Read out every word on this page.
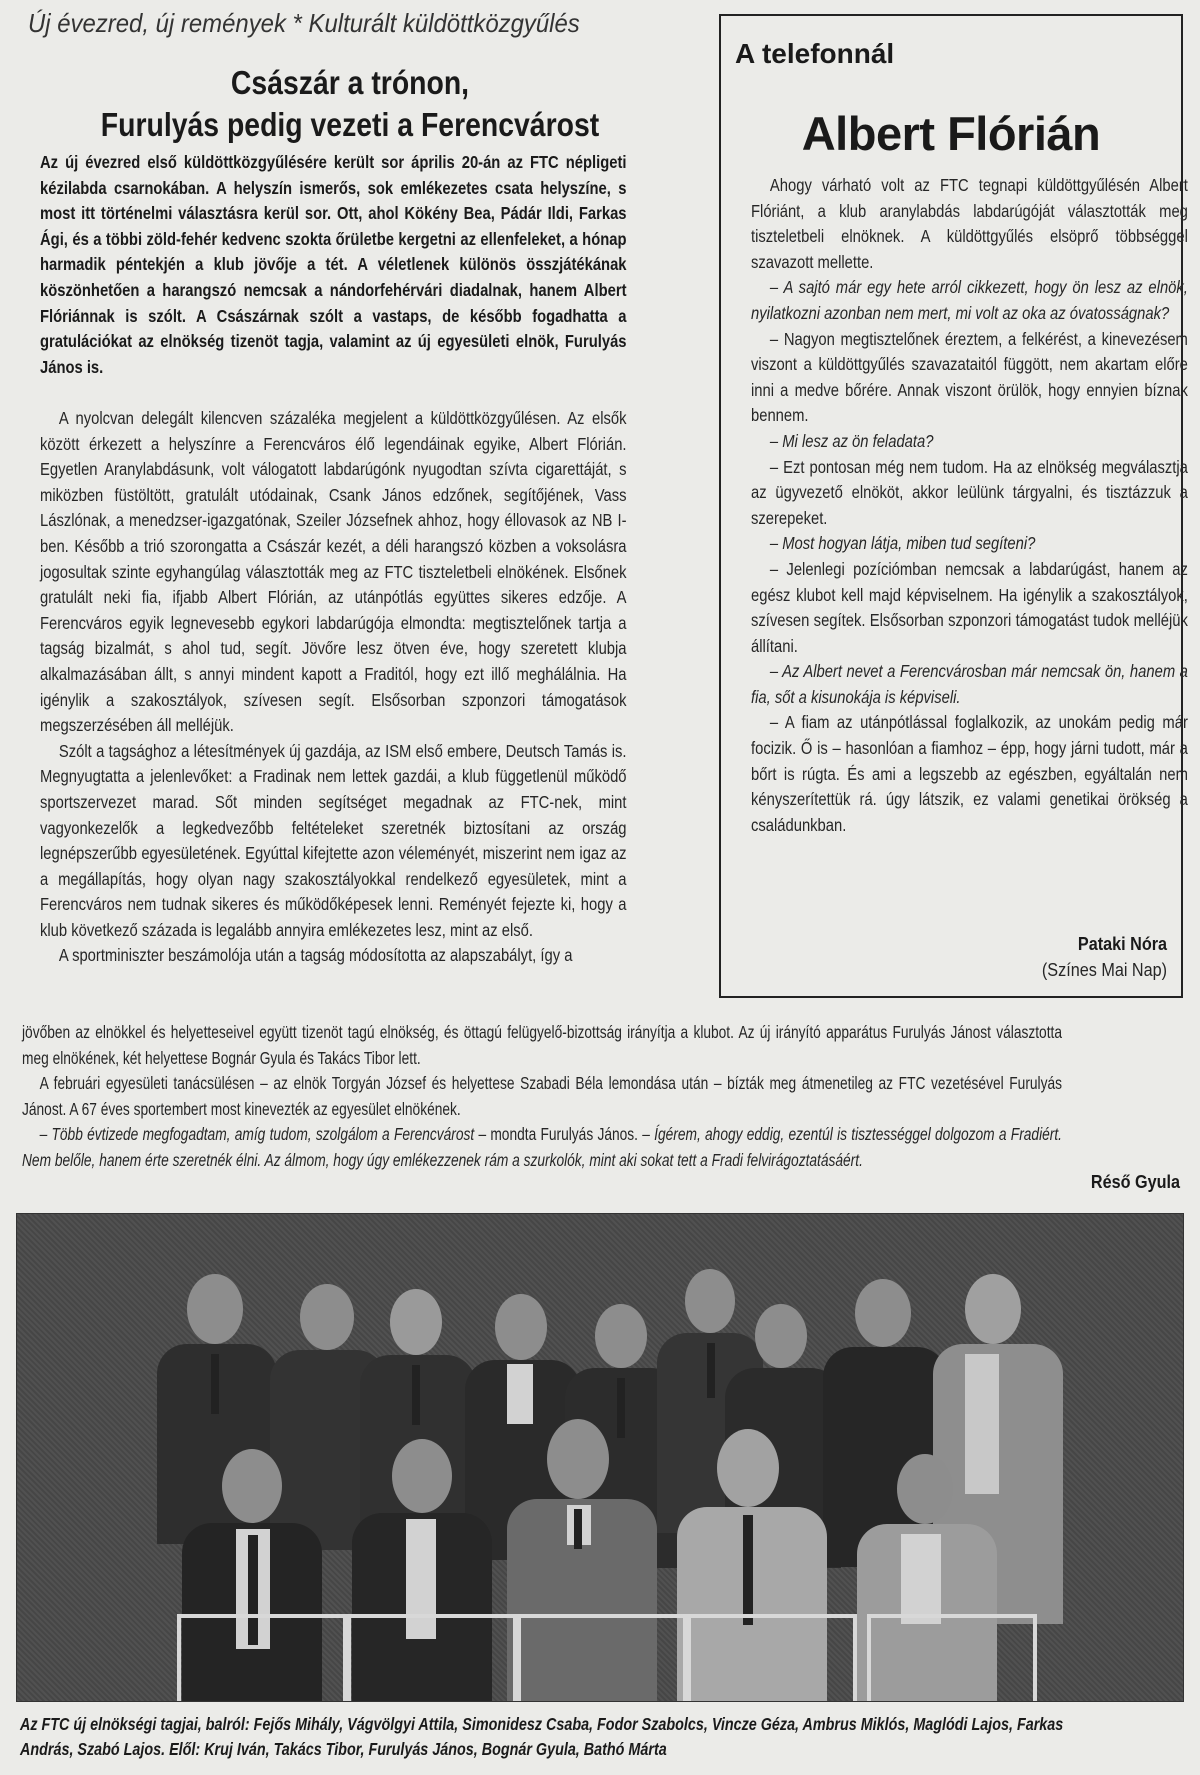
Új évezred, új remények * Kulturált küldöttközgyűlés
Császár a trónon,
Furulyás pedig vezeti a Ferencvárost

Az új évezred első küldöttközgyűlésére került sor április 20-án az FTC népligeti kézilabda csarnokában. A helyszín ismerős, sok emlékezetes csata helyszíne, s most itt történelmi választásra kerül sor. Ott, ahol Kökény Bea, Pádár Ildi, Farkas Ági, és a többi zöld-fehér kedvenc szokta őrületbe kergetni az ellenfeleket, a hónap harmadik péntekjén a klub jövője a tét. A véletlenek különös összjátékának köszönhetően a harangszó nemcsak a nándorfehérvári diadalnak, hanem Albert Flóriánnak is szólt. A Császárnak szólt a vastaps, de később fogadhatta a gratulációkat az elnökség tizenöt tagja, valamint az új egyesületi elnök, Furulyás János is.

A nyolcvan delegált kilencven százaléka megjelent a küldöttközgyűlésen. Az elsők között érkezett a helyszínre a Ferencváros élő legendáinak egyike, Albert Flórián. Egyetlen Aranylabdásunk, volt válogatott labdarúgónk nyugodtan szívta cigarettáját, s miközben füstöltött, gratulált utódainak, Csank János edzőnek, segítőjének, Vass Lászlónak, a menedzser-igazgatónak, Szeiler Józsefnek ahhoz, hogy éllovasok az NB I-ben. Később a trió szorongatta a Császár kezét, a déli harangszó közben a voksolásra jogosultak szinte egyhangúlag választották meg az FTC tiszteletbeli elnökének. Elsőnek gratulált neki fia, ifjabb Albert Flórián, az utánpótlás együttes sikeres edzője. A Ferencváros egyik legnevesebb egykori labdarúgója elmondta: megtisztelőnek tartja a tagság bizalmát, s ahol tud, segít. Jövőre lesz ötven éve, hogy szeretett klubja alkalmazásában állt, s annyi mindent kapott a Fraditól, hogy ezt illő meghálálnia. Ha igénylik a szakosztályok, szívesen segít. Elsősorban szponzori támogatások megszerzésében áll melléjük.

Szólt a tagsághoz a létesítmények új gazdája, az ISM első embere, Deutsch Tamás is. Megnyugtatta a jelenlevőket: a Fradinak nem lettek gazdái, a klub függetlenül működő sportszervezet marad. Sőt minden segítséget megadnak az FTC-nek, mint vagyonkezelők a legkedvezőbb feltételeket szeretnék biztosítani az ország legnépszerűbb egyesületének. Egyúttal kifejtette azon véleményét, miszerint nem igaz az a megállapítás, hogy olyan nagy szakosztályokkal rendelkező egyesületek, mint a Ferencváros nem tudnak sikeres és működőképesek lenni. Reményét fejezte ki, hogy a klub következő százada is legalább annyira emlékezetes lesz, mint az első.

A sportminiszter beszámolója után a tagság módosította az alapszabályt, így a

jövőben az elnökkel és helyetteseivel együtt tizenöt tagú elnökség, és öttagú felügyelő-bizottság irányítja a klubot. Az új irányító apparátus Furulyás Jánost választotta meg elnökének, két helyettese Bognár Gyula és Takács Tibor lett.

A februári egyesületi tanácsülésen – az elnök Torgyán József és helyettese Szabadi Béla lemondása után – bízták meg átmenetileg az FTC vezetésével Furulyás Jánost. A 67 éves sportembert most kinevezték az egyesület elnökének.

– Több évtizede megfogadtam, amíg tudom, szolgálom a Ferencvárost – mondta Furulyás János. – Ígérem, ahogy eddig, ezentúl is tisztességgel dolgozom a Fradiért. Nem belőle, hanem érte szeretnék élni. Az álmom, hogy úgy emlékezzenek rám a szurkolók, mint aki sokat tett a Fradi felvirágoztatásáért.

Réső Gyula
A telefonnál
Albert Flórián

Ahogy várható volt az FTC tegnapi küldöttgyűlésén Albert Flóriánt, a klub aranylabdás labdarúgóját választották meg tiszteletbeli elnöknek. A küldöttgyűlés elsöprő többséggel szavazott mellette.

– A sajtó már egy hete arról cikkezett, hogy ön lesz az elnök, nyilatkozni azonban nem mert, mi volt az oka az óvatosságnak?

– Nagyon megtisztelőnek éreztem, a felkérést, a kinevezésem viszont a küldöttgyűlés szavazataitól függött, nem akartam előre inni a medve bőrére. Annak viszont örülök, hogy ennyien bíznak bennem.

– Mi lesz az ön feladata?

– Ezt pontosan még nem tudom. Ha az elnökség megválasztja az ügyvezető elnököt, akkor leülünk tárgyalni, és tisztázzuk a szerepeket.

– Most hogyan látja, miben tud segíteni?

– Jelenlegi pozíciómban nemcsak a labdarúgást, hanem az egész klubot kell majd képviselnem. Ha igénylik a szakosztályok, szívesen segítek. Elsősorban szponzori támogatást tudok melléjük állítani.

– Az Albert nevet a Ferencvárosban már nemcsak ön, hanem a fia, sőt a kisunokája is képviseli.

– A fiam az utánpótlással foglalkozik, az unokám pedig már focizik. Ő is – hasonlóan a fiamhoz – épp, hogy járni tudott, már a bőrt is rúgta. És ami a legszebb az egészben, egyáltalán nem kényszerítettük rá. úgy látszik, ez valami genetikai örökség a családunkban.

Pataki Nóra
(Színes Mai Nap)
Az FTC új elnökségi tagjai, balról: Fejős Mihály, Vágvölgyi Attila, Simonidesz Csaba, Fodor Szabolcs, Vincze Géza, Ambrus Miklós, Maglódi Lajos, Farkas András, Szabó Lajos. Elől: Kruj Iván, Takács Tibor, Furulyás János, Bognár Gyula, Bathó Márta
